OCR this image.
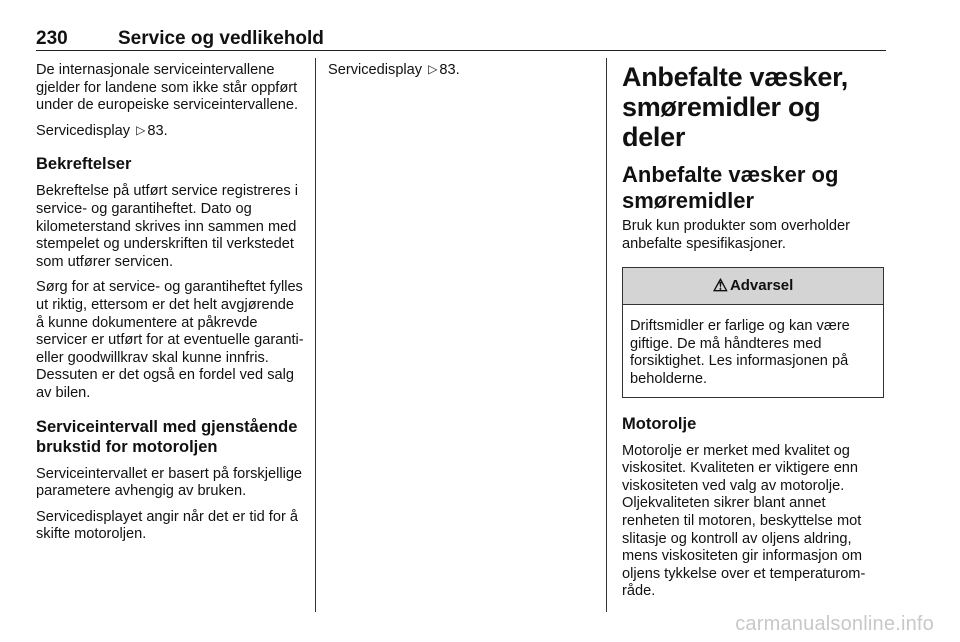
230	Service og vedlikehold

De internasjonale serviceintervallene gjelder for landene som ikke står oppført under de europeiske serviceintervallene.

Servicedisplay ▷ 83.

Bekreftelser

Bekreftelse på utført service registreres i service- og garantiheftet. Dato og kilometerstand skrives inn sammen med stempelet og underskriften til verkstedet som utfører servicen.

Sørg for at service- og garantiheftet fylles ut riktig, ettersom er det helt avgjørende å kunne dokumentere at påkrevde servicer er utført for at eventuelle garanti- eller goodwillkrav skal kunne innfris. Dessuten er det også en fordel ved salg av bilen.

Serviceintervall med gjenstående brukstid for motoroljen

Serviceintervallet er basert på forskjellige parametere avhengig av bruken.

Servicedisplayet angir når det er tid for å skifte motoroljen.

Servicedisplay ▷ 83.	Anbefalte væsker, smøremidler og deler
Anbefalte væsker og smøremidler

Bruk kun produkter som overholder anbefalte spesifikasjoner.

⚠ Advarsel
Driftsmidler er farlige og kan være giftige. De må håndteres med forsiktighet. Les informasjonen på beholderne.
Motorolje

Motorolje er merket med kvalitet og viskositet. Kvaliteten er viktigere enn viskositeten ved valg av motorolje. Oljekvaliteten sikrer blant annet renheten til motoren, beskyttelse mot slitasje og kontroll av oljens aldring, mens viskositeten gir informasjon om oljens tykkelse over et temperaturområde.

carmanualsonline.info
